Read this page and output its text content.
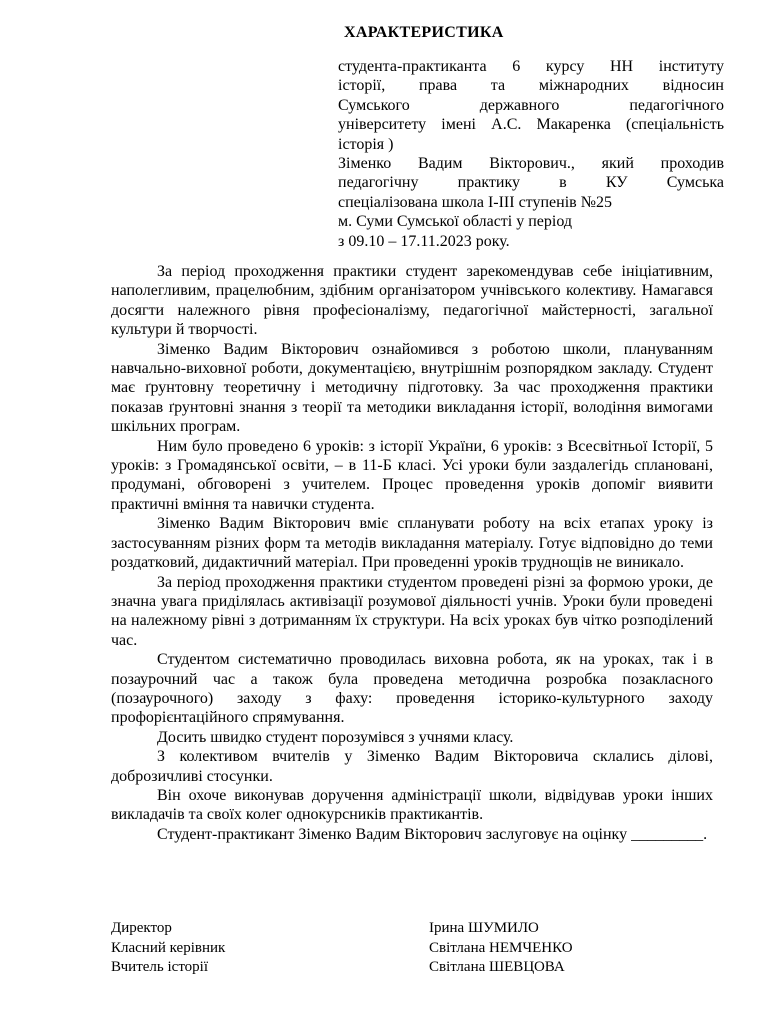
ХАРАКТЕРИСТИКА

студента-практиканта 6 курсу НН інституту

історії, права та міжнародних відносин

Сумського державного педагогічного

університету імені А.С. Макаренка (спеціальність

історія )

Зіменко Вадим Вікторович., який проходив

педагогічну практику в КУ Сумська

спеціалізована школа І-ІІІ ступенів №25

м. Суми Сумської області у період

з 09.10 – 17.11.2023 року.

За період проходження практики студент зарекомендував себе ініціативним, наполегливим, працелюбним, здібним організатором учнівського колективу. Намагався досягти належного рівня професіоналізму, педагогічної майстерності, загальної культури й творчості.

Зіменко Вадим Вікторович ознайомився з роботою школи, плануванням навчально-виховної роботи, документацією, внутрішнім розпорядком закладу. Студент має ґрунтовну теоретичну і методичну підготовку. За час проходження практики показав ґрунтовні знання з теорії та методики викладання історії, володіння вимогами шкільних програм.

Ним було проведено 6 уроків: з історії України, 6 уроків: з Всесвітньої Історії, 5 уроків: з Громадянської освіти, – в 11-Б класі. Усі уроки були заздалегідь сплановані, продумані, обговорені з учителем. Процес проведення уроків допоміг виявити практичні вміння та навички студента.

Зіменко Вадим Вікторович вміє спланувати роботу на всіх етапах уроку із застосуванням різних форм та методів викладання матеріалу. Готує відповідно до теми роздатковий, дидактичний матеріал. При проведенні уроків труднощів не виникало.

За період проходження практики студентом проведені різні за формою уроки, де значна увага приділялась активізації розумової діяльності учнів. Уроки були проведені на належному рівні з дотриманням їх структури. На всіх уроках був чітко розподілений час.

Студентом систематично проводилась виховна робота, як на уроках, так і в позаурочний час а також була проведена методична розробка позакласного (позаурочного) заходу з фаху: проведення історико-культурного заходу профорієнтаційного спрямування.

Досить швидко студент порозумівся з учнями класу.

З колективом вчителів у Зіменко Вадим Вікторовича склались ділові, доброзичливі стосунки.

Він охоче виконував доручення адміністрації школи, відвідував уроки інших викладачів та своїх колег однокурсників практикантів.

Студент-практикант Зіменко Вадим Вікторович заслуговує на оцінку _________.

Директор	Ірина ШУМИЛО
Класний керівник	Світлана НЕМЧЕНКО
Вчитель історії	Світлана ШЕВЦОВА
